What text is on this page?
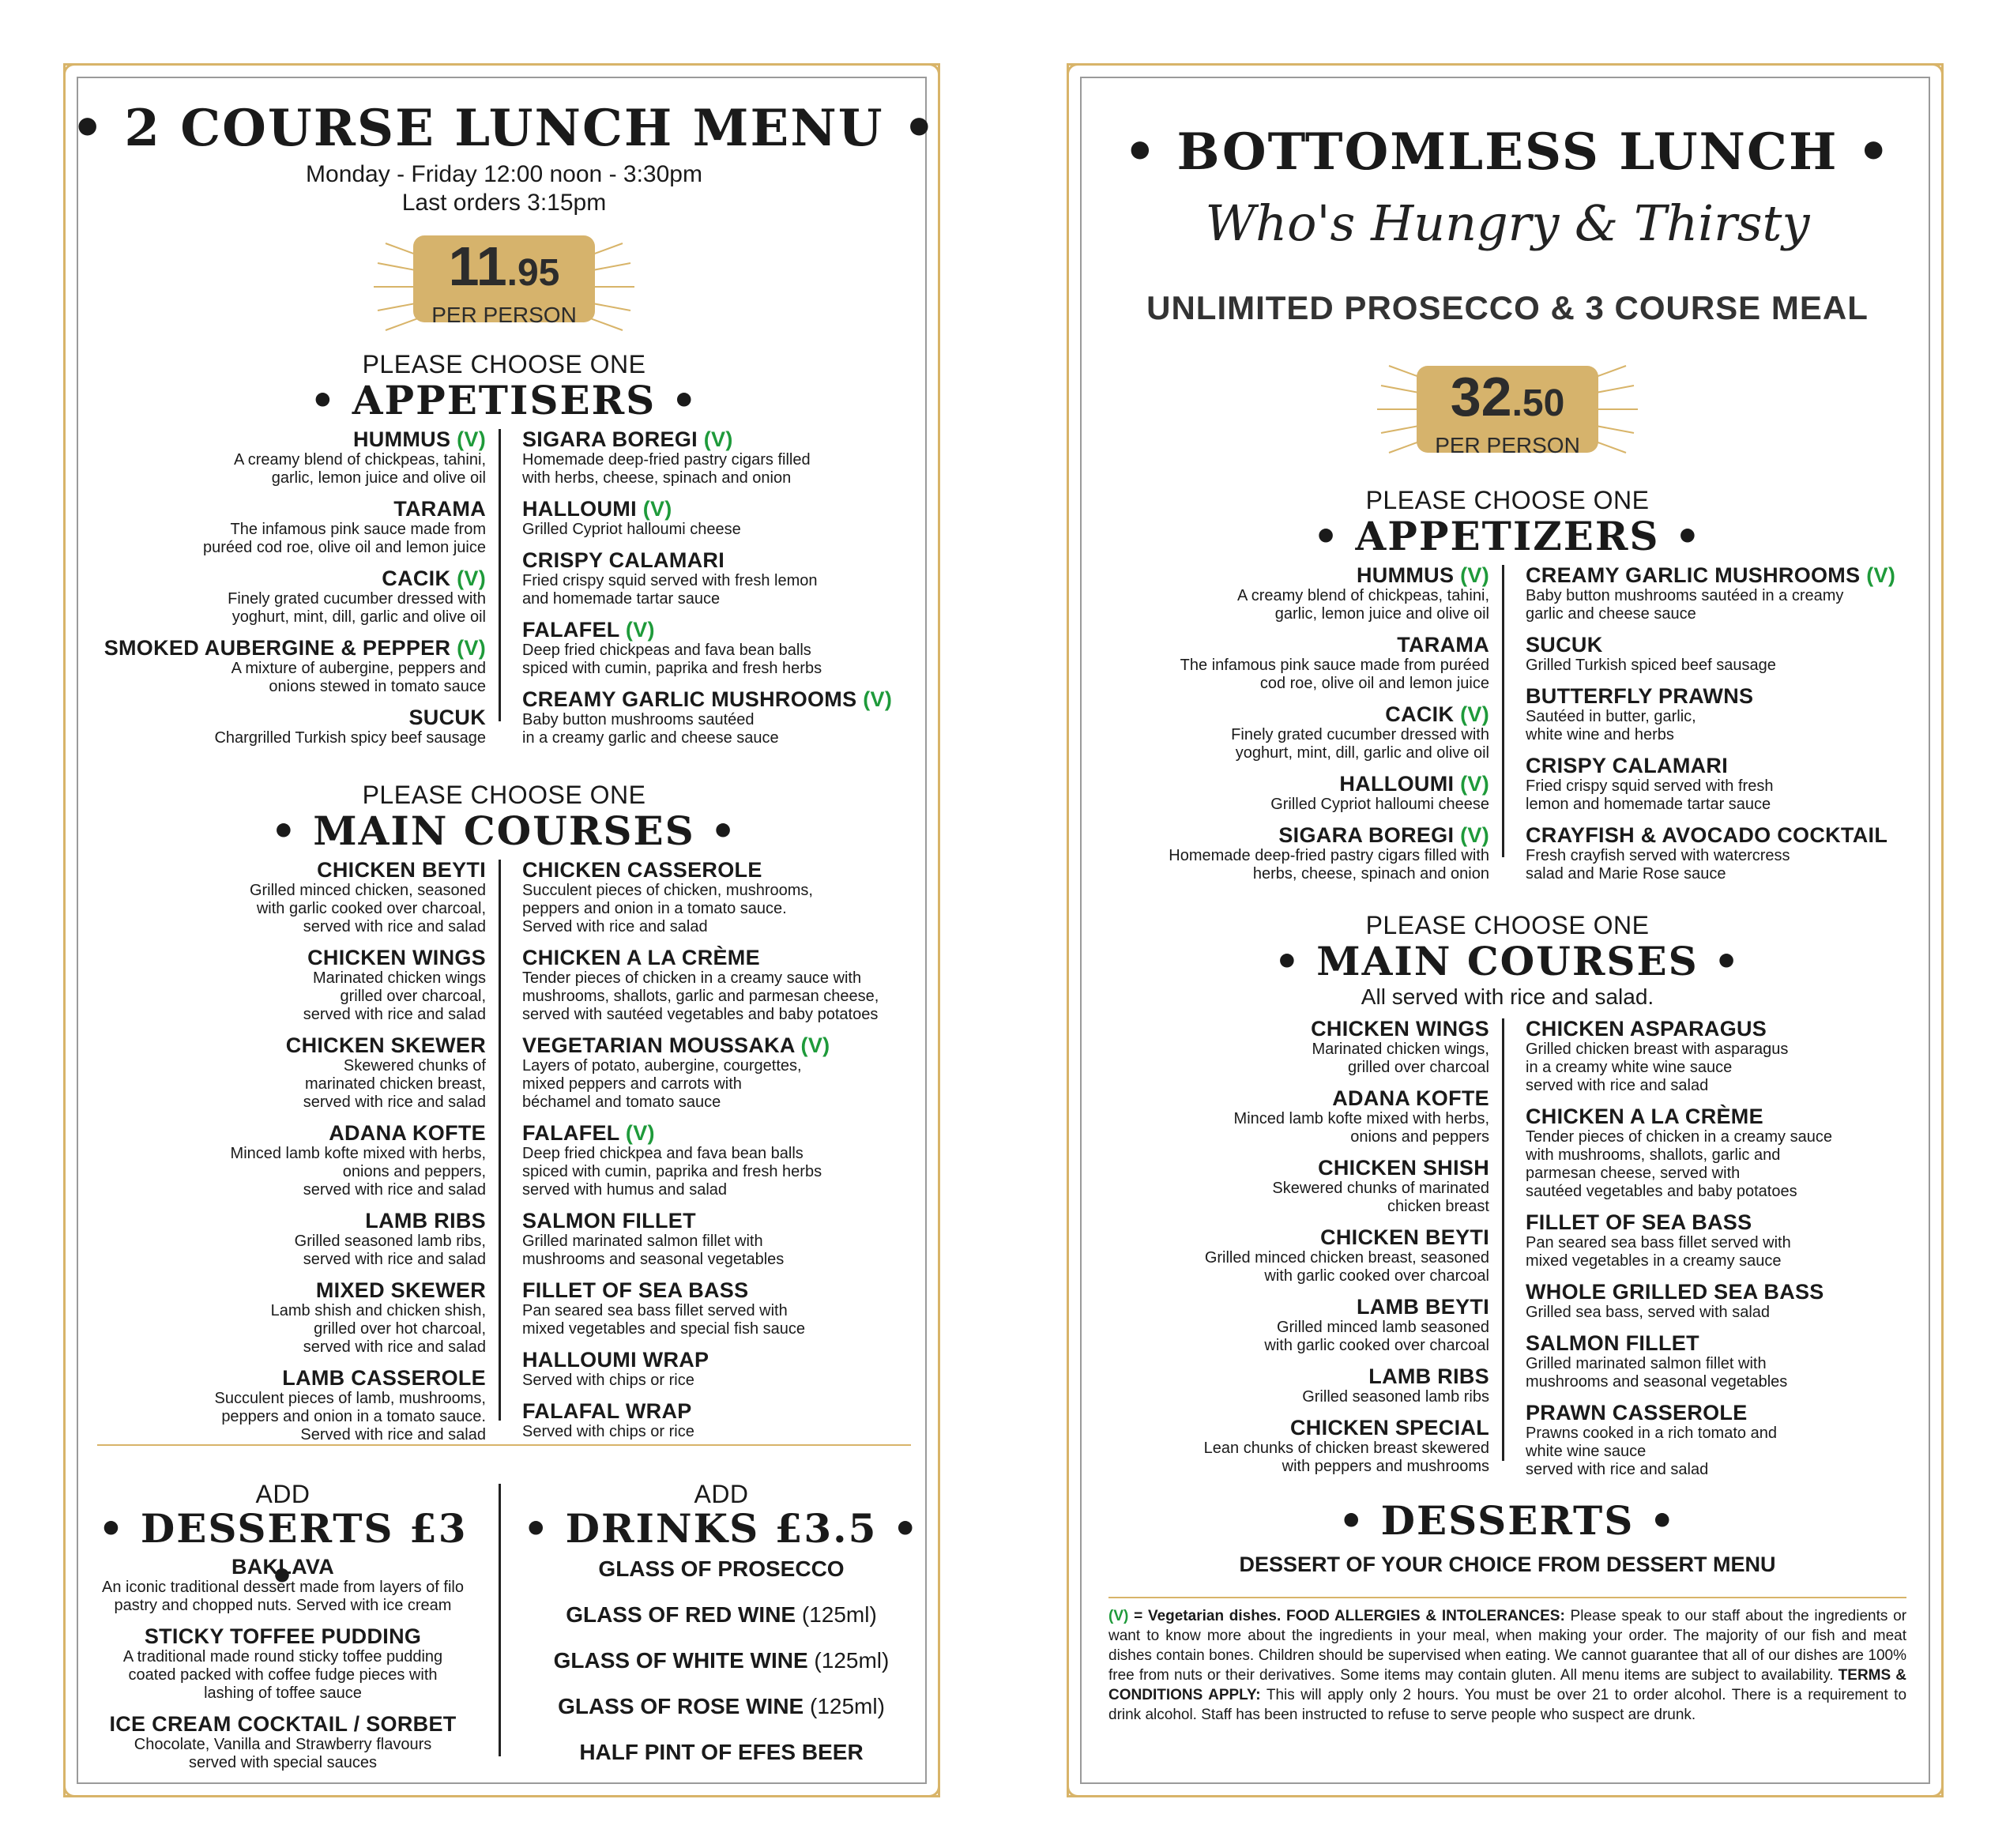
• 2 COURSE LUNCH MENU •
Monday - Friday 12:00 noon - 3:30pm
Last orders 3:15pm
11.95
PER PERSON
PLEASE CHOOSE ONE
• APPETISERS •
HUMMUS (V)
A creamy blend of chickpeas, tahini,
garlic, lemon juice and olive oil
TARAMA
The infamous pink sauce made from
puréed cod roe, olive oil and lemon juice
CACIK (V)
Finely grated cucumber dressed with
yoghurt, mint, dill, garlic and olive oil
SMOKED AUBERGINE & PEPPER (V)
A mixture of aubergine, peppers and
onions stewed in tomato sauce
SUCUK
Chargrilled Turkish spicy beef sausage
SIGARA BOREGI (V)
Homemade deep-fried pastry cigars filled
with herbs, cheese, spinach and onion
HALLOUMI (V)
Grilled Cypriot halloumi cheese
CRISPY CALAMARI
Fried crispy squid served with fresh lemon
and homemade tartar sauce
FALAFEL (V)
Deep fried chickpeas and fava bean balls
spiced with cumin, paprika and fresh herbs
CREAMY GARLIC MUSHROOMS (V)
Baby button mushrooms sautéed
in a creamy garlic and cheese sauce
PLEASE CHOOSE ONE
• MAIN COURSES •
CHICKEN BEYTI
Grilled minced chicken, seasoned
with garlic cooked over charcoal,
served with rice and salad
CHICKEN WINGS
Marinated chicken wings
grilled over charcoal,
served with rice and salad
CHICKEN SKEWER
Skewered chunks of
marinated chicken breast,
served with rice and salad
ADANA KOFTE
Minced lamb kofte mixed with herbs,
onions and peppers,
served with rice and salad
LAMB RIBS
Grilled seasoned lamb ribs,
served with rice and salad
MIXED SKEWER
Lamb shish and chicken shish,
grilled over hot charcoal,
served with rice and salad
LAMB CASSEROLE
Succulent pieces of lamb, mushrooms,
peppers and onion in a tomato sauce.
Served with rice and salad
CHICKEN CASSEROLE
Succulent pieces of chicken, mushrooms,
peppers and onion in a tomato sauce.
Served with rice and salad
CHICKEN A LA CRÈME
Tender pieces of chicken in a creamy sauce with
mushrooms, shallots, garlic and parmesan cheese,
served with sautéed vegetables and baby potatoes
VEGETARIAN MOUSSAKA (V)
Layers of potato, aubergine, courgettes,
mixed peppers and carrots with
béchamel and tomato sauce
FALAFEL (V)
Deep fried chickpea and fava bean balls
spiced with cumin, paprika and fresh herbs
served with humus and salad
SALMON FILLET
Grilled marinated salmon fillet with
mushrooms and seasonal vegetables
FILLET OF SEA BASS
Pan seared sea bass fillet served with
mixed vegetables and special fish sauce
HALLOUMI WRAP
Served with chips or rice
FALAFAL WRAP
Served with chips or rice
ADD
• DESSERTS £3 •
BAKLAVA
An iconic traditional dessert made from layers of filo
pastry and chopped nuts. Served with ice cream
STICKY TOFFEE PUDDING
A traditional made round sticky toffee pudding
coated packed with coffee fudge pieces with
lashing of toffee sauce
ICE CREAM COCKTAIL / SORBET
Chocolate, Vanilla and Strawberry flavours
served with special sauces
ADD
• DRINKS £3.5 •
GLASS OF PROSECCO
GLASS OF RED WINE (125ml)
GLASS OF WHITE WINE (125ml)
GLASS OF ROSE WINE (125ml)
HALF PINT OF EFES BEER
• BOTTOMLESS LUNCH •
Who's Hungry & Thirsty
UNLIMITED PROSECCO & 3 COURSE MEAL
32.50
PER PERSON
PLEASE CHOOSE ONE
• APPETIZERS •
HUMMUS (V)
A creamy blend of chickpeas, tahini,
garlic, lemon juice and olive oil
TARAMA
The infamous pink sauce made from puréed
cod roe, olive oil and lemon juice
CACIK (V)
Finely grated cucumber dressed with
yoghurt, mint, dill, garlic and olive oil
HALLOUMI (V)
Grilled Cypriot halloumi cheese
SIGARA BOREGI (V)
Homemade deep-fried pastry cigars filled with
herbs, cheese, spinach and onion
CREAMY GARLIC MUSHROOMS (V)
Baby button mushrooms sautéed in a creamy
garlic and cheese sauce
SUCUK
Grilled Turkish spiced beef sausage
BUTTERFLY PRAWNS
Sautéed in butter, garlic,
white wine and herbs
CRISPY CALAMARI
Fried crispy squid served with fresh
lemon and homemade tartar sauce
CRAYFISH & AVOCADO COCKTAIL
Fresh crayfish served with watercress
salad and Marie Rose sauce
PLEASE CHOOSE ONE
• MAIN COURSES •
All served with rice and salad.
CHICKEN WINGS
Marinated chicken wings,
grilled over charcoal
ADANA KOFTE
Minced lamb kofte mixed with herbs,
onions and peppers
CHICKEN SHISH
Skewered chunks of marinated
chicken breast
CHICKEN BEYTI
Grilled minced chicken breast, seasoned
with garlic cooked over charcoal
LAMB BEYTI
Grilled minced lamb seasoned
with garlic cooked over charcoal
LAMB RIBS
Grilled seasoned lamb ribs
CHICKEN SPECIAL
Lean chunks of chicken breast skewered
with peppers and mushrooms
CHICKEN ASPARAGUS
Grilled chicken breast with asparagus
in a creamy white wine sauce
served with rice and salad
CHICKEN A LA CRÈME
Tender pieces of chicken in a creamy sauce
with mushrooms, shallots, garlic and
parmesan cheese, served with
sautéed vegetables and baby potatoes
FILLET OF SEA BASS
Pan seared sea bass fillet served with
mixed vegetables in a creamy sauce
WHOLE GRILLED SEA BASS
Grilled sea bass, served with salad
SALMON FILLET
Grilled marinated salmon fillet with
mushrooms and seasonal vegetables
PRAWN CASSEROLE
Prawns cooked in a rich tomato and
white wine sauce
served with rice and salad
• DESSERTS •
DESSERT OF YOUR CHOICE FROM DESSERT MENU
(V) = Vegetarian dishes. FOOD ALLERGIES & INTOLERANCES: Please speak to our staff about the ingredients or want to know more about the ingredients in your meal, when making your order. The majority of our fish and meat dishes contain bones. Children should be supervised when eating. We cannot guarantee that all of our dishes are 100% free from nuts or their derivatives. Some items may contain gluten. All menu items are subject to availability. TERMS & CONDITIONS APPLY: This will apply only 2 hours. You must be over 21 to order alcohol. There is a requirement to drink alcohol. Staff has been instructed to refuse to serve people who suspect are drunk.
